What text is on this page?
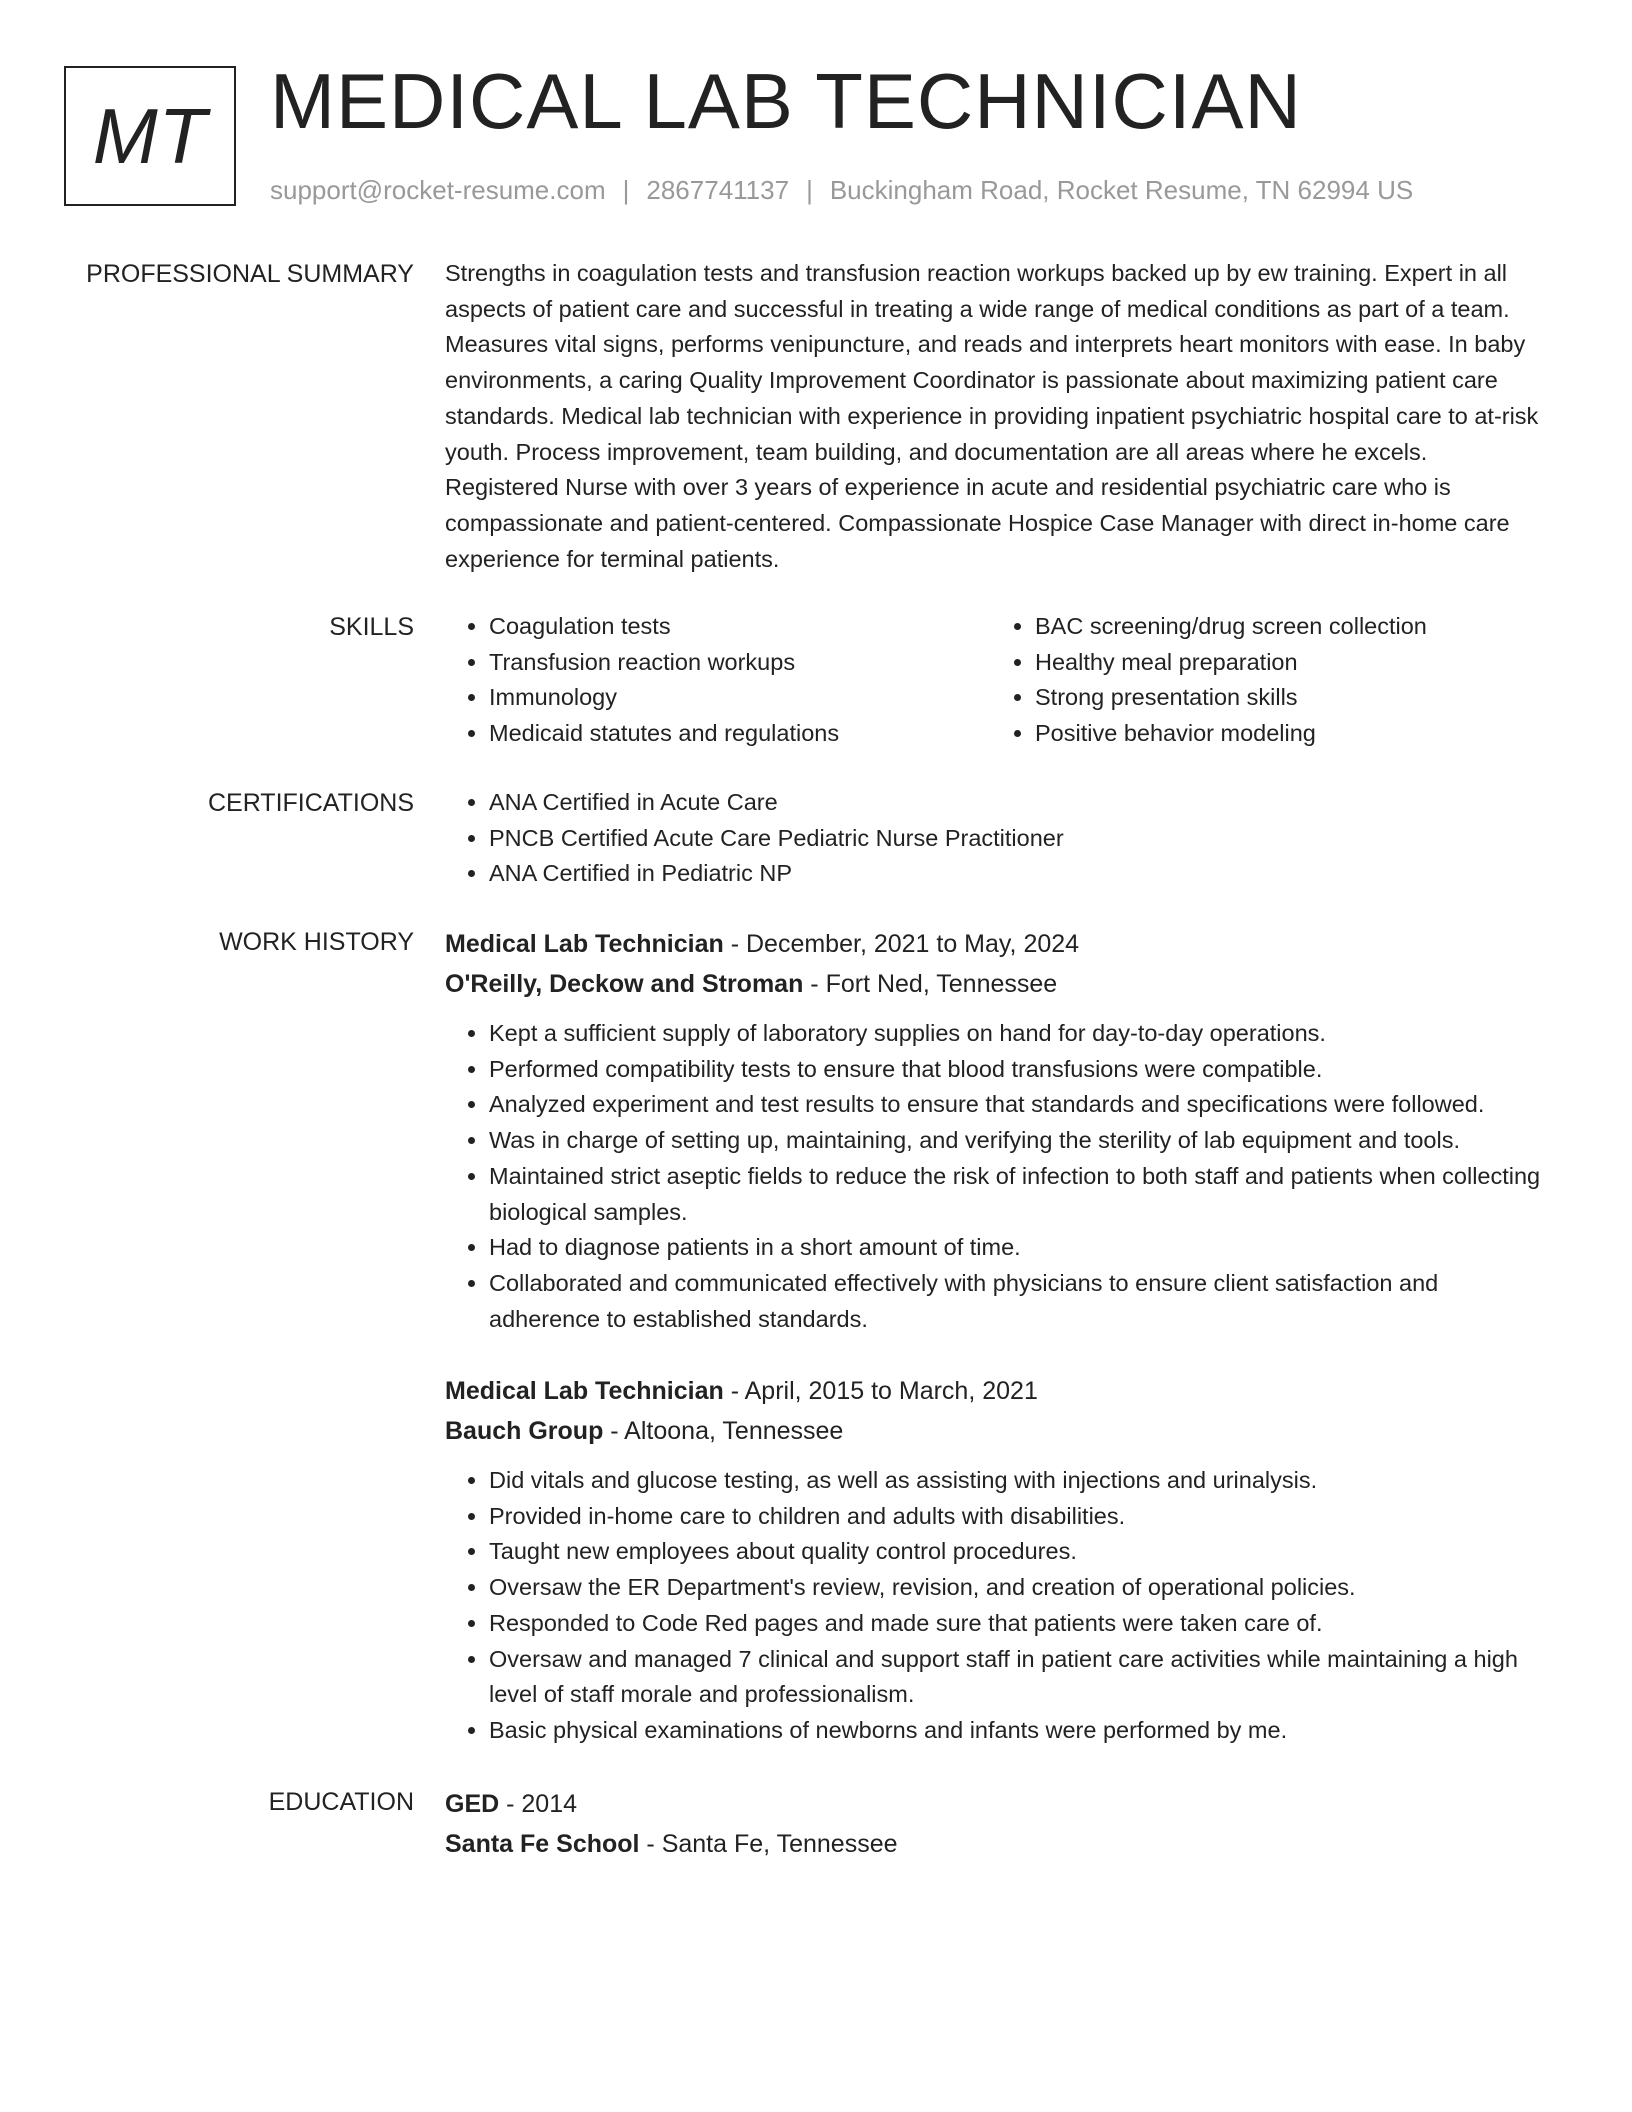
MT MEDICAL LAB TECHNICIAN
support@rocket-resume.com | 2867741137 | Buckingham Road, Rocket Resume, TN 62994 US
PROFESSIONAL SUMMARY Strengths in coagulation tests and transfusion reaction workups backed up by ew training. Expert in all aspects of patient care and successful in treating a wide range of medical conditions as part of a team. Measures vital signs, performs venipuncture, and reads and interprets heart monitors with ease. In baby environments, a caring Quality Improvement Coordinator is passionate about maximizing patient care standards. Medical lab technician with experience in providing inpatient psychiatric hospital care to at-risk youth. Process improvement, team building, and documentation are all areas where he excels. Registered Nurse with over 3 years of experience in acute and residential psychiatric care who is compassionate and patient-centered. Compassionate Hospice Case Manager with direct in-home care experience for terminal patients.

SKILLS	• Coagulation tests
• Transfusion reaction workups
• Immunology
• Medicaid statutes and regulations
• BAC screening/drug screen collection
• Healthy meal preparation
• Strong presentation skills
• Positive behavior modeling
CERTIFICATIONS	• ANA Certified in Acute Care
• PNCB Certified Acute Care Pediatric Nurse Practitioner
• ANA Certified in Pediatric NP
WORK HISTORY Medical Lab Technician - December, 2021 to May, 2024
O'Reilly, Deckow and Stroman - Fort Ned, Tennessee
• Kept a sufficient supply of laboratory supplies on hand for day-to-day operations.
• Performed compatibility tests to ensure that blood transfusions were compatible.
• Analyzed experiment and test results to ensure that standards and specifications were followed.
• Was in charge of setting up, maintaining, and verifying the sterility of lab equipment and tools.
• Maintained strict aseptic fields to reduce the risk of infection to both staff and patients when collecting biological samples.
• Had to diagnose patients in a short amount of time.
• Collaborated and communicated effectively with physicians to ensure client satisfaction and adherence to established standards.
Medical Lab Technician - April, 2015 to March, 2021
Bauch Group - Altoona, Tennessee
• Did vitals and glucose testing, as well as assisting with injections and urinalysis.
• Provided in-home care to children and adults with disabilities.
• Taught new employees about quality control procedures.
• Oversaw the ER Department's review, revision, and creation of operational policies.
• Responded to Code Red pages and made sure that patients were taken care of.
• Oversaw and managed 7 clinical and support staff in patient care activities while maintaining a high level of staff morale and professionalism.
• Basic physical examinations of newborns and infants were performed by me.
EDUCATION GED - 2014
Santa Fe School - Santa Fe, Tennessee
